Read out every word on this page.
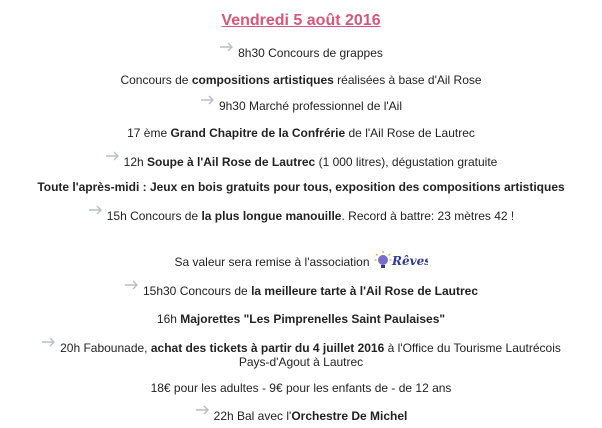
Vendredi 5 août 2016
8h30 Concours de grappes
Concours de compositions artistiques réalisées à base d'Ail Rose
9h30 Marché professionnel de l'Ail
17 ème Grand Chapitre de la Confrérie de l'Ail Rose de Lautrec
12h Soupe à l'Ail Rose de Lautrec (1 000 litres), dégustation gratuite
Toute l'après-midi : Jeux en bois gratuits pour tous, exposition des compositions artistiques
15h Concours de la plus longue manouille. Record à battre: 23 mètres 42 !
Sa valeur sera remise à l'association Rêves
15h30 Concours de la meilleure tarte à l'Ail Rose de Lautrec
16h Majorettes "Les Pimprenelles Saint Paulaises"
20h Fabounade, achat des tickets à partir du 4 juillet 2016 à l'Office du Tourisme Lautrécois
Pays-d'Agout à Lautrec
18€ pour les adultes - 9€ pour les enfants de - de 12 ans
22h Bal avec l'Orchestre De Michel
